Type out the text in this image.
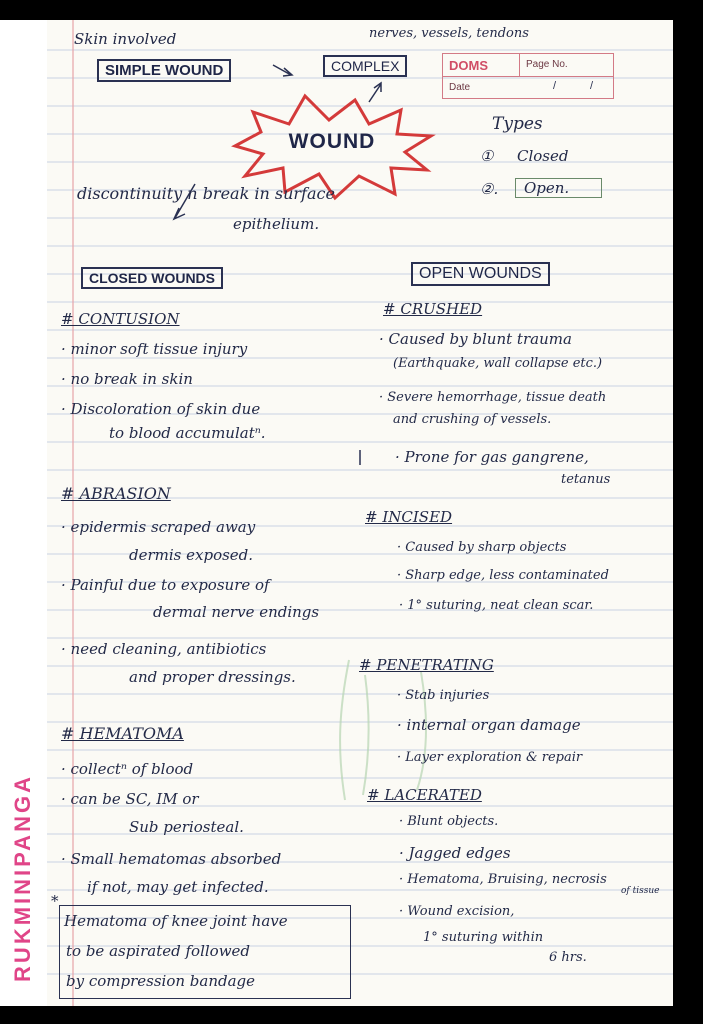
RUKMINIPANGA
DOMS	Page No.
Date	/	/
Skin involved	nerves, vessels, tendons
SIMPLE WOUND	COMPLEX
WOUND
Types
① Closed
②.	Open.
discontinuity n break in surface
epithelium.
CLOSED WOUNDS	OPEN WOUNDS
# CONTUSION
· minor soft tissue injury
· no break in skin
· Discoloration of skin due
to blood accumulatⁿ.
# ABRASION
· epidermis scraped away
dermis exposed.
· Painful due to exposure of
dermal nerve endings
· need cleaning, antibiotics
and proper dressings.
# HEMATOMA
· collectⁿ of blood
· can be SC, IM or
Sub periosteal.
· Small hematomas absorbed
if not, may get infected.
*
Hematoma of knee joint have
to be aspirated followed
by compression bandage
# CRUSHED
· Caused by blunt trauma
(Earthquake, wall collapse etc.)
· Severe hemorrhage, tissue death
and crushing of vessels.
· Prone for gas gangrene,
tetanus
# INCISED
· Caused by sharp objects
· Sharp edge, less contaminated
· 1° suturing, neat clean scar.
# PENETRATING
· Stab injuries
· internal organ damage
· Layer exploration & repair
# LACERATED
· Blunt objects.
· Jagged edges
· Hematoma, Bruising, necrosis
of tissue
· Wound excision,
1° suturing within
6 hrs.
